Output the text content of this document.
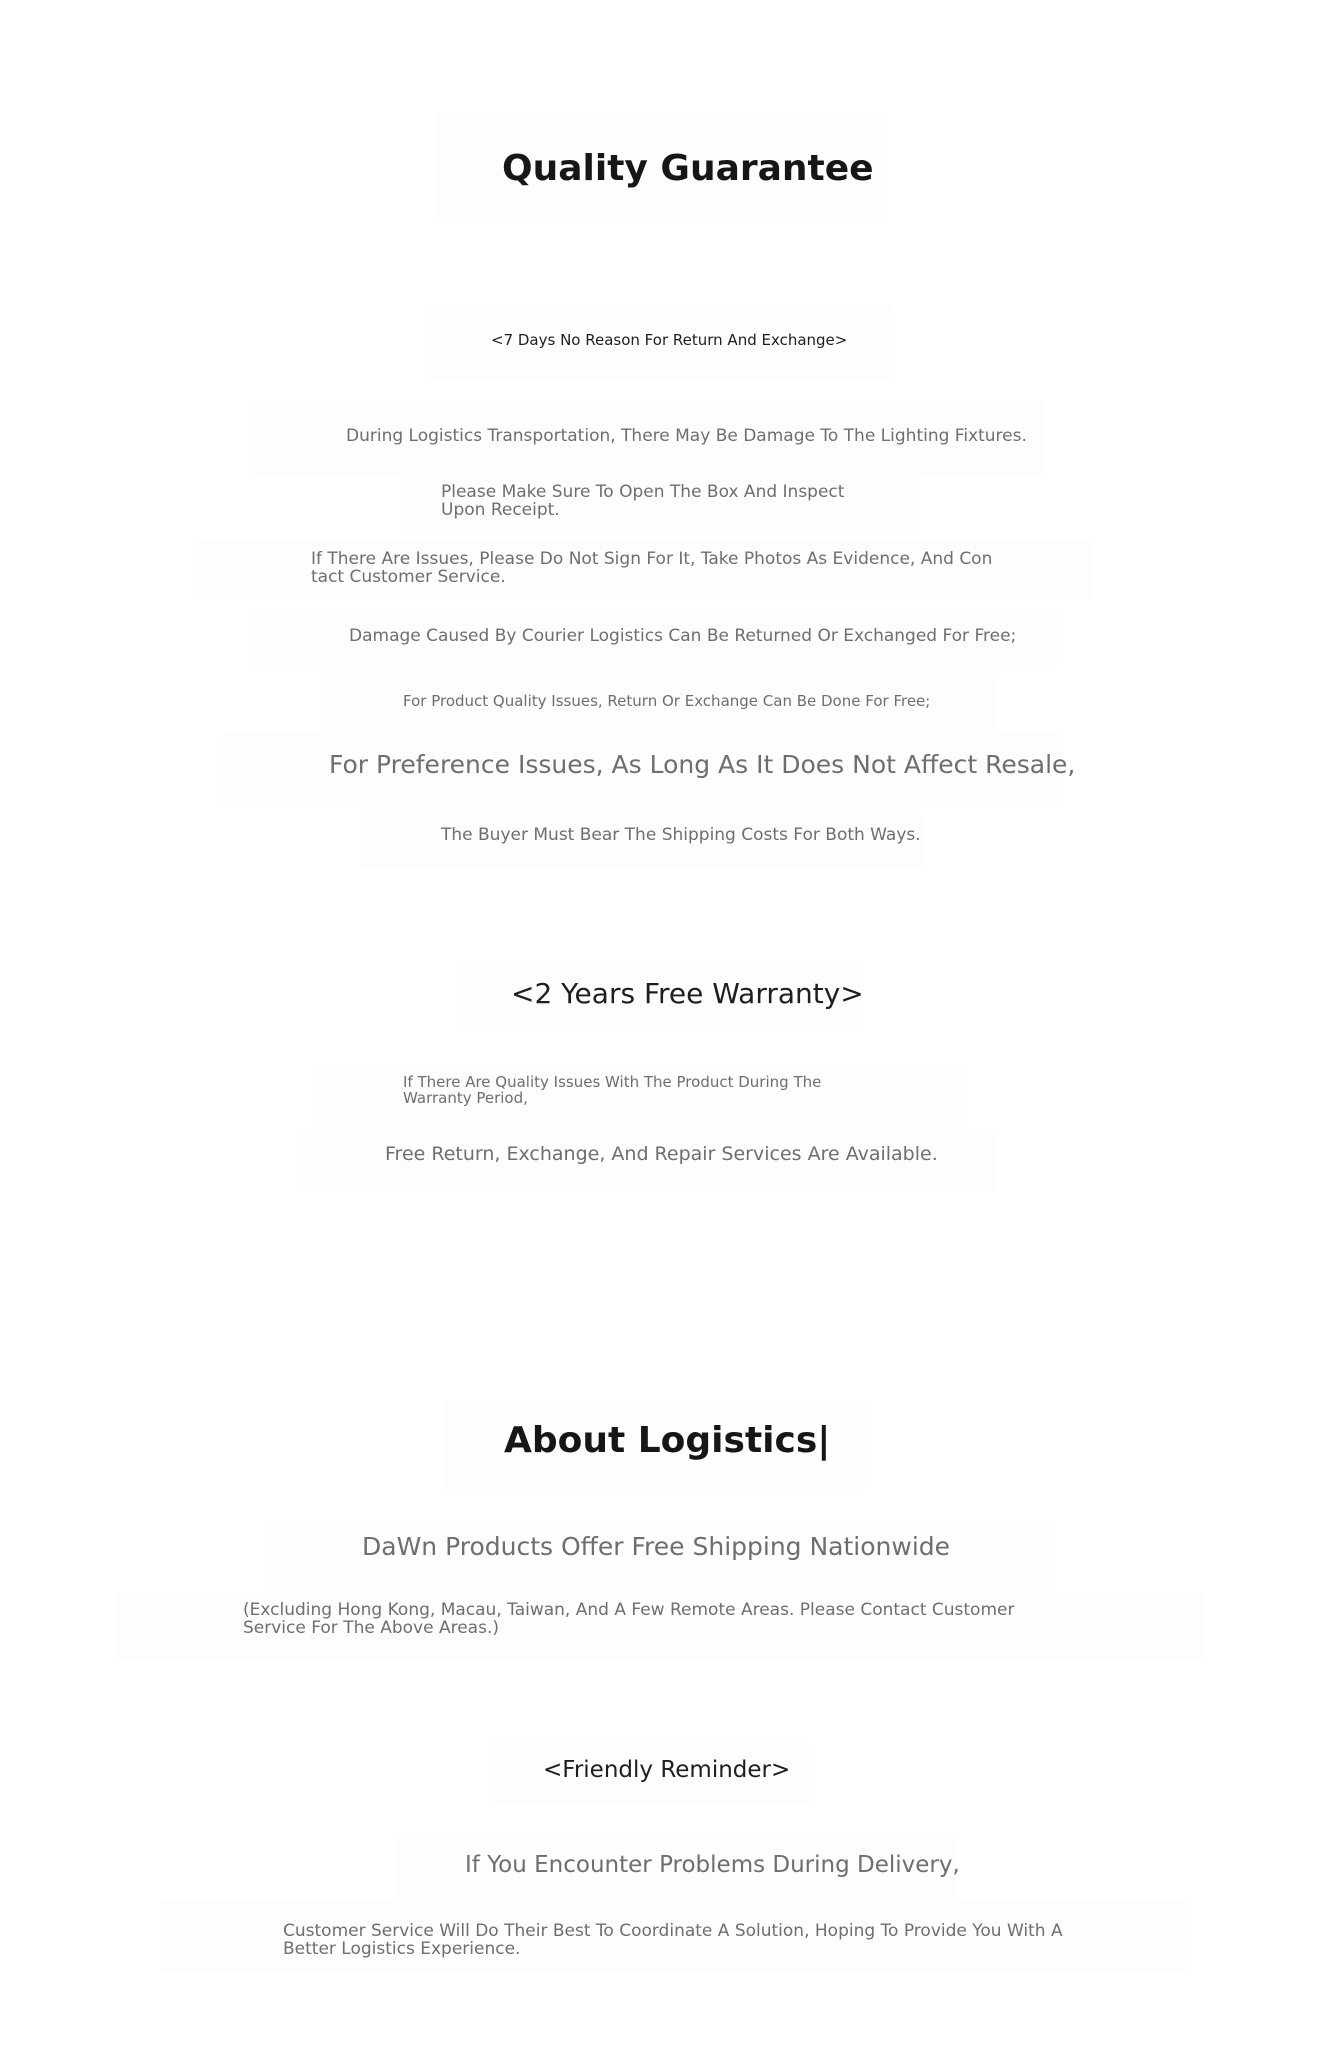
Quality Guarantee
<7 Days No Reason For Return And Exchange>
During Logistics Transportation, There May Be Damage To The Lighting Fixtures.
Please Make Sure To Open The Box And Inspect Upon Receipt.
If There Are Issues, Please Do Not Sign For It, Take Photos As Evidence, And Con tact Customer Service.
Damage Caused By Courier Logistics Can Be Returned Or Exchanged For Free;
For Product Quality Issues, Return Or Exchange Can Be Done For Free;
For Preference Issues, As Long As It Does Not Affect Resale,
The Buyer Must Bear The Shipping Costs For Both Ways.
<2 Years Free Warranty>
If There Are Quality Issues With The Product During The Warranty Period,
Free Return, Exchange, And Repair Services Are Available.
About Logistics|
DaWn Products Offer Free Shipping Nationwide
(Excluding Hong Kong, Macau, Taiwan, And A Few Remote Areas. Please Contact Customer Service For The Above Areas.)
<Friendly Reminder>
If You Encounter Problems During Delivery,
Customer Service Will Do Their Best To Coordinate A Solution, Hoping To Provide You With A Better Logistics Experience.
